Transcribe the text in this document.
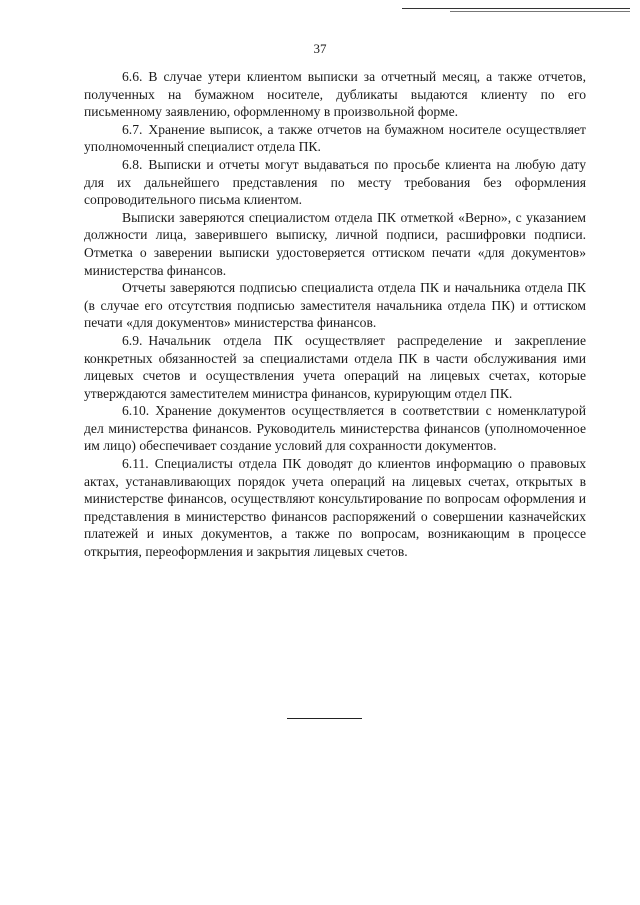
37

6.6. В случае утери клиентом выписки за отчетный месяц, а также отчетов, полученных на бумажном носителе, дубликаты выдаются клиенту по его письменному заявлению, оформленному в произвольной форме.

6.7. Хранение выписок, а также отчетов на бумажном носителе осуществляет уполномоченный специалист отдела ПК.

6.8. Выписки и отчеты могут выдаваться по просьбе клиента на любую дату для их дальнейшего представления по месту требования без оформления сопроводительного письма клиентом.

Выписки заверяются специалистом отдела ПК отметкой «Верно», с указанием должности лица, заверившего выписку, личной подписи, расшифровки подписи. Отметка о заверении выписки удостоверяется оттиском печати «для документов» министерства финансов.

Отчеты заверяются подписью специалиста отдела ПК и начальника отдела ПК (в случае его отсутствия подписью заместителя начальника отдела ПК) и оттиском печати «для документов» министерства финансов.

6.9. Начальник отдела ПК осуществляет распределение и закрепление конкретных обязанностей за специалистами отдела ПК в части обслуживания ими лицевых счетов и осуществления учета операций на лицевых счетах, которые утверждаются заместителем министра финансов, курирующим отдел ПК.

6.10. Хранение документов осуществляется в соответствии с номенклатурой дел министерства финансов. Руководитель министерства финансов (уполномоченное им лицо) обеспечивает создание условий для сохранности документов.

6.11. Специалисты отдела ПК доводят до клиентов информацию о правовых актах, устанавливающих порядок учета операций на лицевых счетах, открытых в министерстве финансов, осуществляют консультирование по вопросам оформления и представления в министерство финансов распоряжений о совершении казначейских платежей и иных документов, а также по вопросам, возникающим в процессе открытия, переоформления и закрытия лицевых счетов.
